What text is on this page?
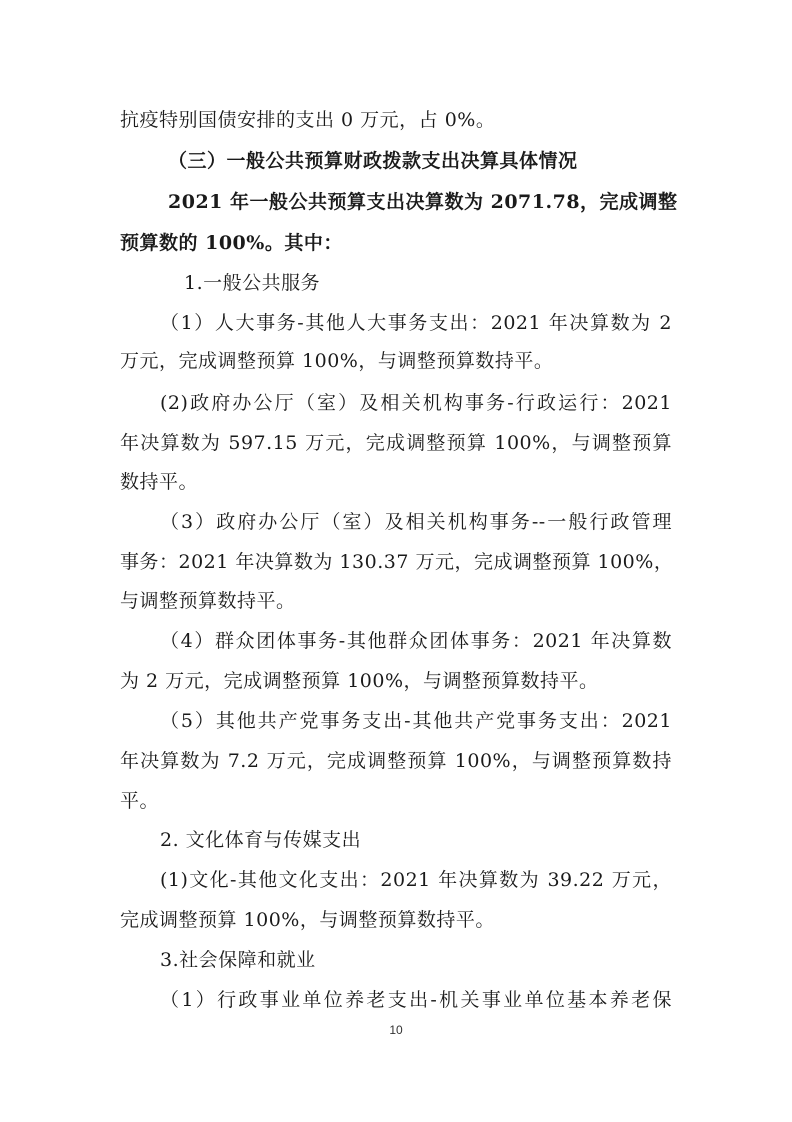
抗疫特别国债安排的支出 0 万元，占 0%。
（三）一般公共预算财政拨款支出决算具体情况
2021 年一般公共预算支出决算数为 2071.78，完成调整
预算数的 100%。其中：
1.一般公共服务
（1）人大事务-其他人大事务支出：2021 年决算数为 2
万元，完成调整预算 100%，与调整预算数持平。
(2)政府办公厅（室）及相关机构事务-行政运行：2021
年决算数为 597.15 万元，完成调整预算 100%，与调整预算
数持平。
（3）政府办公厅（室）及相关机构事务--一般行政管理
事务：2021 年决算数为 130.37 万元，完成调整预算 100%，
与调整预算数持平。
（4）群众团体事务-其他群众团体事务：2021 年决算数
为 2 万元，完成调整预算 100%，与调整预算数持平。
（5）其他共产党事务支出-其他共产党事务支出：2021
年决算数为 7.2 万元，完成调整预算 100%，与调整预算数持
平。
2. 文化体育与传媒支出
(1)文化-其他文化支出：2021 年决算数为 39.22 万元，
完成调整预算 100%，与调整预算数持平。
3.社会保障和就业
（1）行政事业单位养老支出-机关事业单位基本养老保
10
